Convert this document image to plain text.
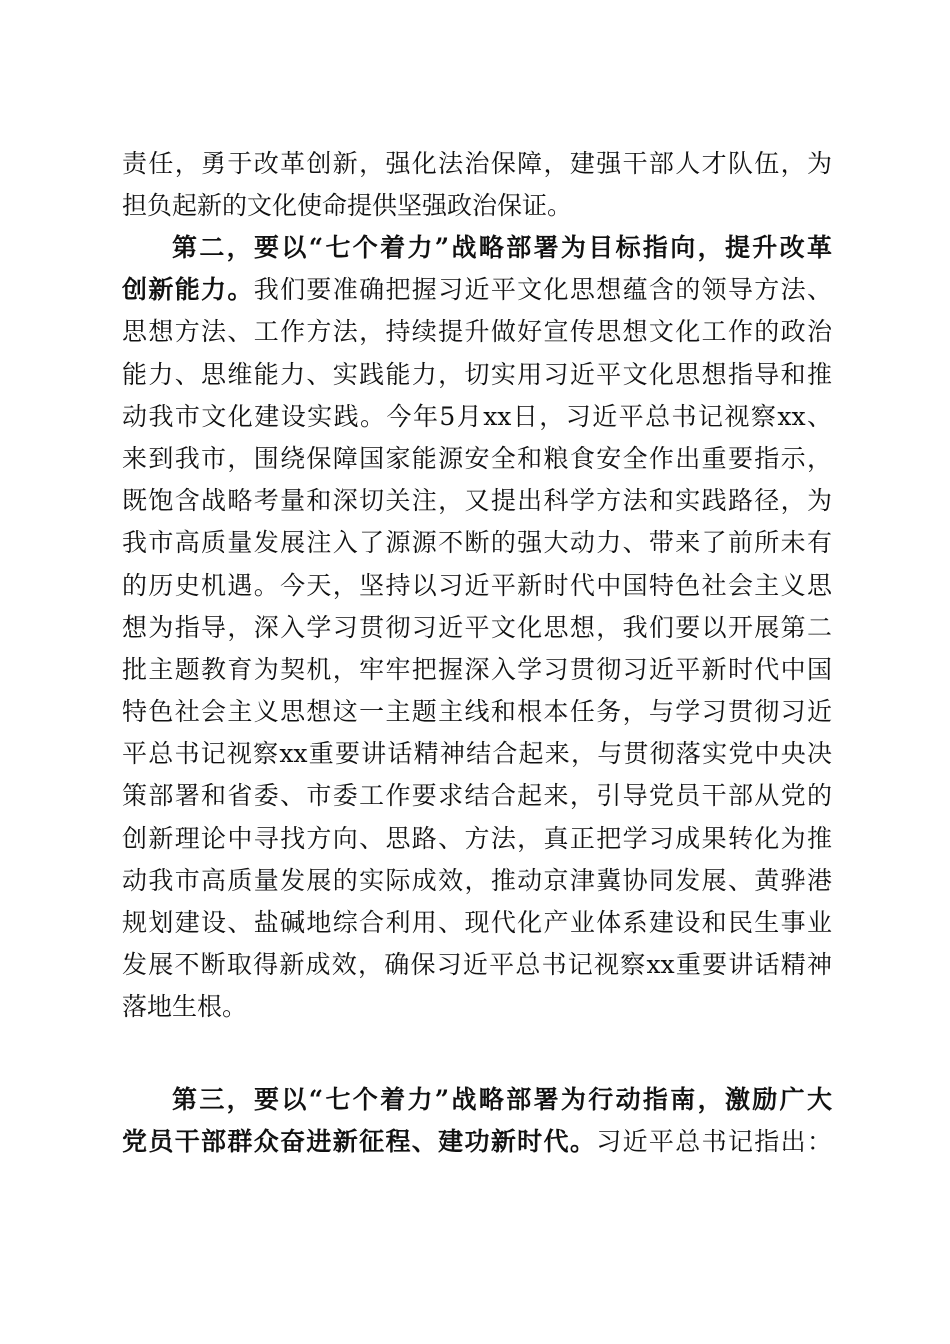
责任，勇于改革创新，强化法治保障，建强干部人才队伍，为
担负起新的文化使命提供坚强政治保证。
第二，要以“七个着力”战略部署为目标指向，提升改革
创新能力。我们要准确把握习近平文化思想蕴含的领导方法、
思想方法、工作方法，持续提升做好宣传思想文化工作的政治
能力、思维能力、实践能力，切实用习近平文化思想指导和推
动我市文化建设实践。今年5月xx日，习近平总书记视察xx、
来到我市，围绕保障国家能源安全和粮食安全作出重要指示，
既饱含战略考量和深切关注，又提出科学方法和实践路径，为
我市高质量发展注入了源源不断的强大动力、带来了前所未有
的历史机遇。今天，坚持以习近平新时代中国特色社会主义思
想为指导，深入学习贯彻习近平文化思想，我们要以开展第二
批主题教育为契机，牢牢把握深入学习贯彻习近平新时代中国
特色社会主义思想这一主题主线和根本任务，与学习贯彻习近
平总书记视察xx重要讲话精神结合起来，与贯彻落实党中央决
策部署和省委、市委工作要求结合起来，引导党员干部从党的
创新理论中寻找方向、思路、方法，真正把学习成果转化为推
动我市高质量发展的实际成效，推动京津冀协同发展、黄骅港
规划建设、盐碱地综合利用、现代化产业体系建设和民生事业
发展不断取得新成效，确保习近平总书记视察xx重要讲话精神
落地生根。
第三，要以“七个着力”战略部署为行动指南，激励广大
党员干部群众奋进新征程、建功新时代。习近平总书记指出：
